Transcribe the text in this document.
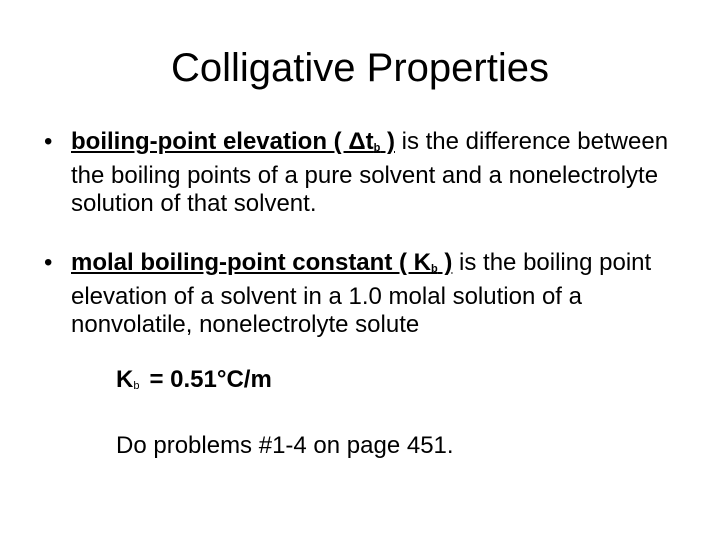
Colligative Properties
• boiling-point elevation ( Δtb ) is the difference between the boiling points of a pure solvent and a nonelectrolyte solution of that solvent.
• molal boiling-point constant ( Kb ) is the boiling point elevation of a solvent in a 1.0 molal solution of a nonvolatile, nonelectrolyte solute
Kb = 0.51°C/m
Do problems #1-4 on page 451.
